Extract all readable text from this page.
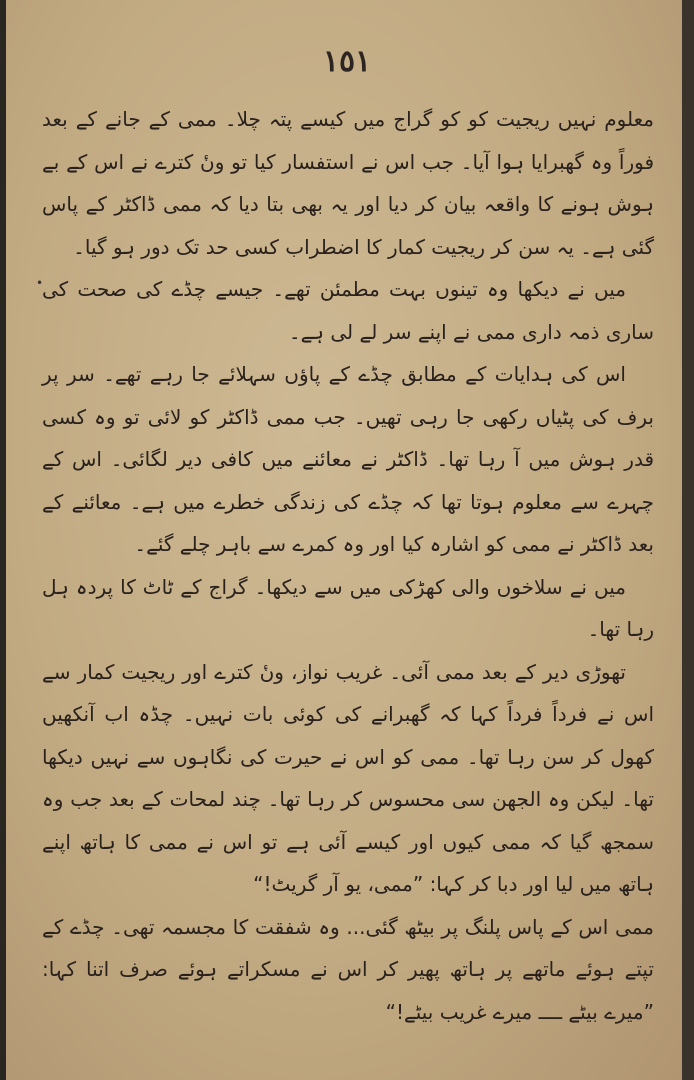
•
١٥١

معلوم نہیں ریجیت کو کو گراج میں کیسے پتہ چلا۔ ممی کے جانے کے بعد فوراً وہ گھبرایا ہوا آیا۔ جب اس نے استفسار کیا تو ونٔ کترے نے اس کے بے ہوش ہونے کا واقعہ بیان کر دیا اور یہ بھی بتا دیا کہ ممی ڈاکٹر کے پاس گئی ہے۔ یہ سن کر ریجیت کمار کا اضطراب کسی حد تک دور ہو گیا۔

میں نے دیکھا وہ تینوں بہت مطمئن تھے۔ جیسے چڈے کی صحت کی ساری ذمہ داری ممی نے اپنے سر لے لی ہے۔

اس کی ہدایات کے مطابق چڈے کے پاؤں سہلائے جا رہے تھے۔ سر پر برف کی پٹیاں رکھی جا رہی تھیں۔ جب ممی ڈاکٹر کو لائی تو وہ کسی قدر ہوش میں آ رہا تھا۔ ڈاکٹر نے معائنے میں کافی دیر لگائی۔ اس کے چہرے سے معلوم ہوتا تھا کہ چڈے کی زندگی خطرے میں ہے۔ معائنے کے بعد ڈاکٹر نے ممی کو اشارہ کیا اور وہ کمرے سے باہر چلے گئے۔

میں نے سلاخوں والی کھڑکی میں سے دیکھا۔ گراج کے ٹاٹ کا پردہ ہل رہا تھا۔

تھوڑی دیر کے بعد ممی آئی۔ غریب نواز، ونٔ کترے اور ریجیت کمار سے اس نے فرداً فرداً کہا کہ گھبرانے کی کوئی بات نہیں۔ چڈہ اب آنکھیں کھول کر سن رہا تھا۔ ممی کو اس نے حیرت کی نگاہوں سے نہیں دیکھا تھا۔ لیکن وہ الجھن سی محسوس کر رہا تھا۔ چند لمحات کے بعد جب وہ سمجھ گیا کہ ممی کیوں اور کیسے آئی ہے تو اس نے ممی کا ہاتھ اپنے ہاتھ میں لیا اور دبا کر کہا: ”ممی، یو آر گریٹ!“

ممی اس کے پاس پلنگ پر بیٹھ گئی... وہ شفقت کا مجسمہ تھی۔ چڈے کے تپتے ہوئے ماتھے پر ہاتھ پھیر کر اس نے مسکراتے ہوئے صرف اتنا کہا: ”میرے بیٹے ــــ میرے غریب بیٹے!“
